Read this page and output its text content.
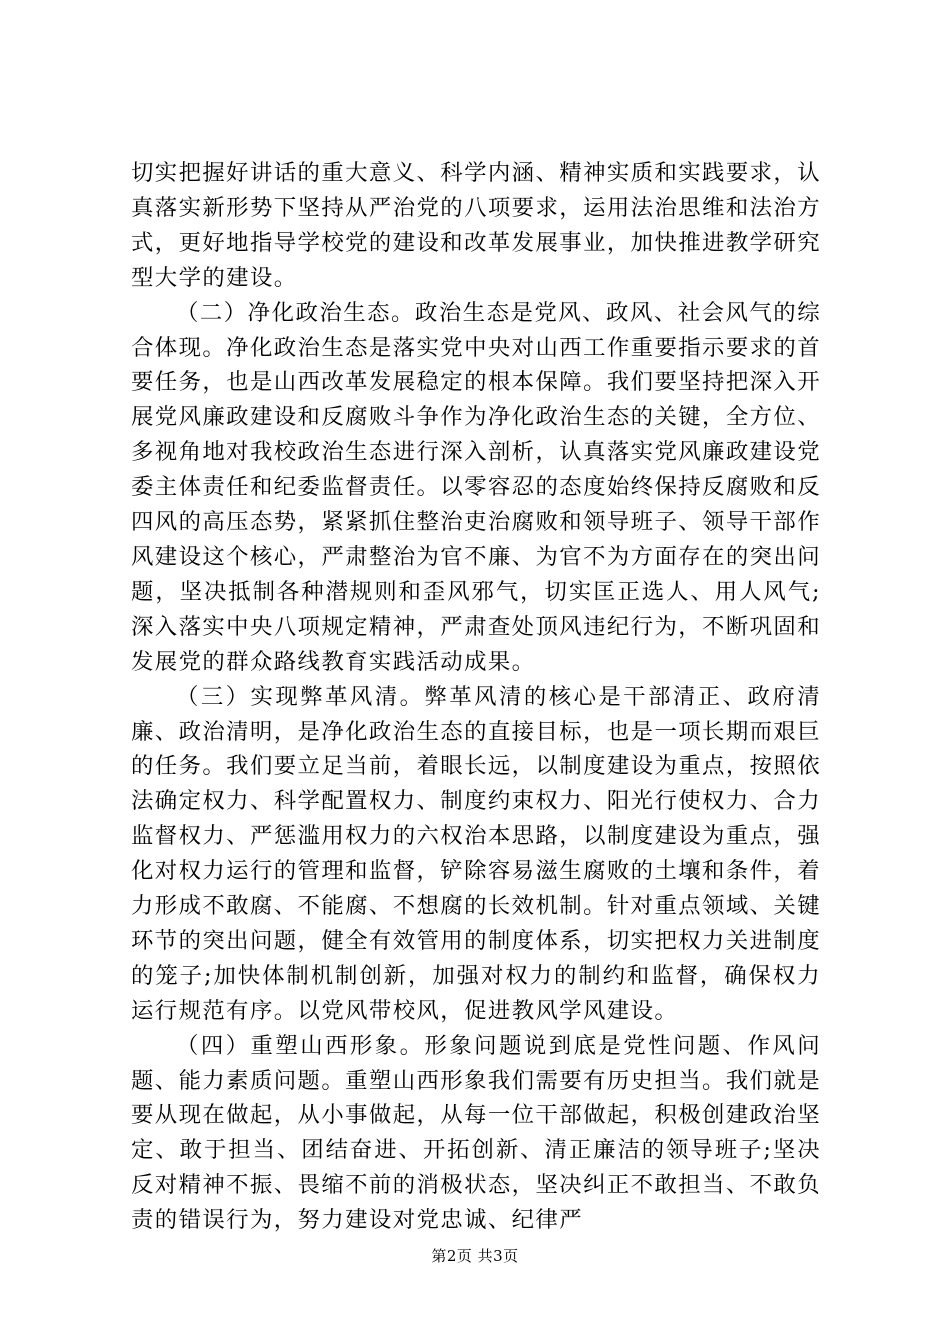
切实把握好讲话的重大意义、科学内涵、精神实质和实践要求，认真落实新形势下坚持从严治党的八项要求，运用法治思维和法治方式，更好地指导学校党的建设和改革发展事业，加快推进教学研究型大学的建设。

（二）净化政治生态。政治生态是党风、政风、社会风气的综合体现。净化政治生态是落实党中央对山西工作重要指示要求的首要任务，也是山西改革发展稳定的根本保障。我们要坚持把深入开展党风廉政建设和反腐败斗争作为净化政治生态的关键，全方位、多视角地对我校政治生态进行深入剖析，认真落实党风廉政建设党委主体责任和纪委监督责任。以零容忍的态度始终保持反腐败和反四风的高压态势，紧紧抓住整治吏治腐败和领导班子、领导干部作风建设这个核心，严肃整治为官不廉、为官不为方面存在的突出问题，坚决抵制各种潜规则和歪风邪气，切实匡正选人、用人风气;深入落实中央八项规定精神，严肃查处顶风违纪行为，不断巩固和发展党的群众路线教育实践活动成果。

（三）实现弊革风清。弊革风清的核心是干部清正、政府清廉、政治清明，是净化政治生态的直接目标，也是一项长期而艰巨的任务。我们要立足当前，着眼长远，以制度建设为重点，按照依法确定权力、科学配置权力、制度约束权力、阳光行使权力、合力监督权力、严惩滥用权力的六权治本思路，以制度建设为重点，强化对权力运行的管理和监督，铲除容易滋生腐败的土壤和条件，着力形成不敢腐、不能腐、不想腐的长效机制。针对重点领域、关键环节的突出问题，健全有效管用的制度体系，切实把权力关进制度的笼子;加快体制机制创新，加强对权力的制约和监督，确保权力运行规范有序。以党风带校风，促进教风学风建设。

（四）重塑山西形象。形象问题说到底是党性问题、作风问题、能力素质问题。重塑山西形象我们需要有历史担当。我们就是要从现在做起，从小事做起，从每一位干部做起，积极创建政治坚定、敢于担当、团结奋进、开拓创新、清正廉洁的领导班子;坚决反对精神不振、畏缩不前的消极状态，坚决纠正不敢担当、不敢负责的错误行为，努力建设对党忠诚、纪律严

第2页 共3页
